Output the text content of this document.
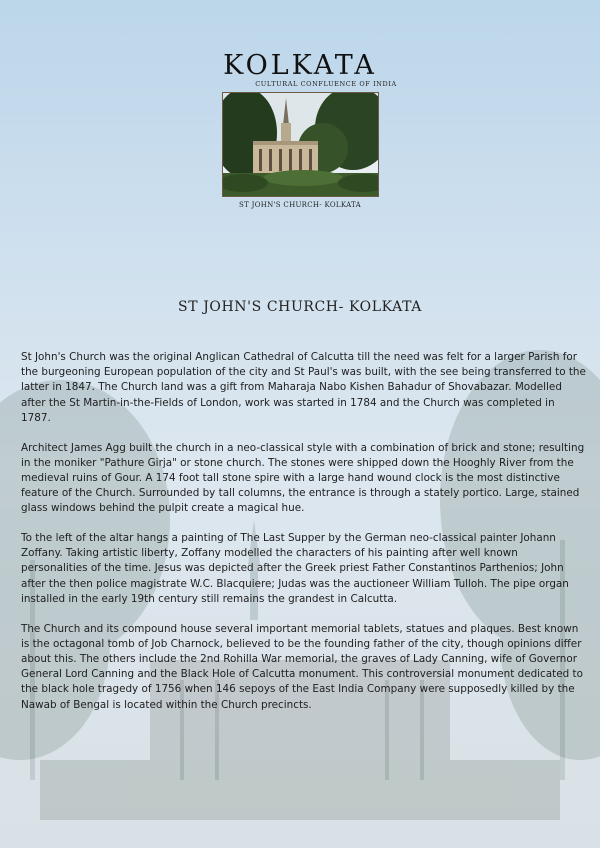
KOLKATA
CULTURAL CONFLUENCE OF INDIA
ST JOHN'S CHURCH- KOLKATA
ST JOHN'S CHURCH- KOLKATA

St John's Church was the original Anglican Cathedral of Calcutta till the need was felt for a larger Parish for the burgeoning European population of the city and St Paul's was built, with the see being transferred to the latter in 1847. The Church land was a gift from Maharaja Nabo Kishen Bahadur of Shovabazar. Modelled after the St Martin-in-the-Fields of London, work was started in 1784 and the Church was completed in 1787.

Architect James Agg built the church in a neo-classical style with a combination of brick and stone; resulting in the moniker "Pathure Girja" or stone church. The stones were shipped down the Hooghly River from the medieval ruins of Gour. A 174 foot tall stone spire with a large hand wound clock is the most distinctive feature of the Church. Surrounded by tall columns, the entrance is through a stately portico. Large, stained glass windows behind the pulpit create a magical hue.

To the left of the altar hangs a painting of The Last Supper by the German neo-classical painter Johann Zoffany. Taking artistic liberty, Zoffany modelled the characters of his painting after well known personalities of the time. Jesus was depicted after the Greek priest Father Constantinos Parthenios; John after the then police magistrate W.C. Blacquiere; Judas was the auctioneer William Tulloh. The pipe organ installed in the early 19th century still remains the grandest in Calcutta.

The Church and its compound house several important memorial tablets, statues and plaques. Best known is the octagonal tomb of Job Charnock, believed to be the founding father of the city, though opinions differ about this. The others include the 2nd Rohilla War memorial, the graves of Lady Canning, wife of Governor General Lord Canning and the Black Hole of Calcutta monument. This controversial monument dedicated to the black hole tragedy of 1756 when 146 sepoys of the East India Company were supposedly killed by the Nawab of Bengal is located within the Church precincts.
